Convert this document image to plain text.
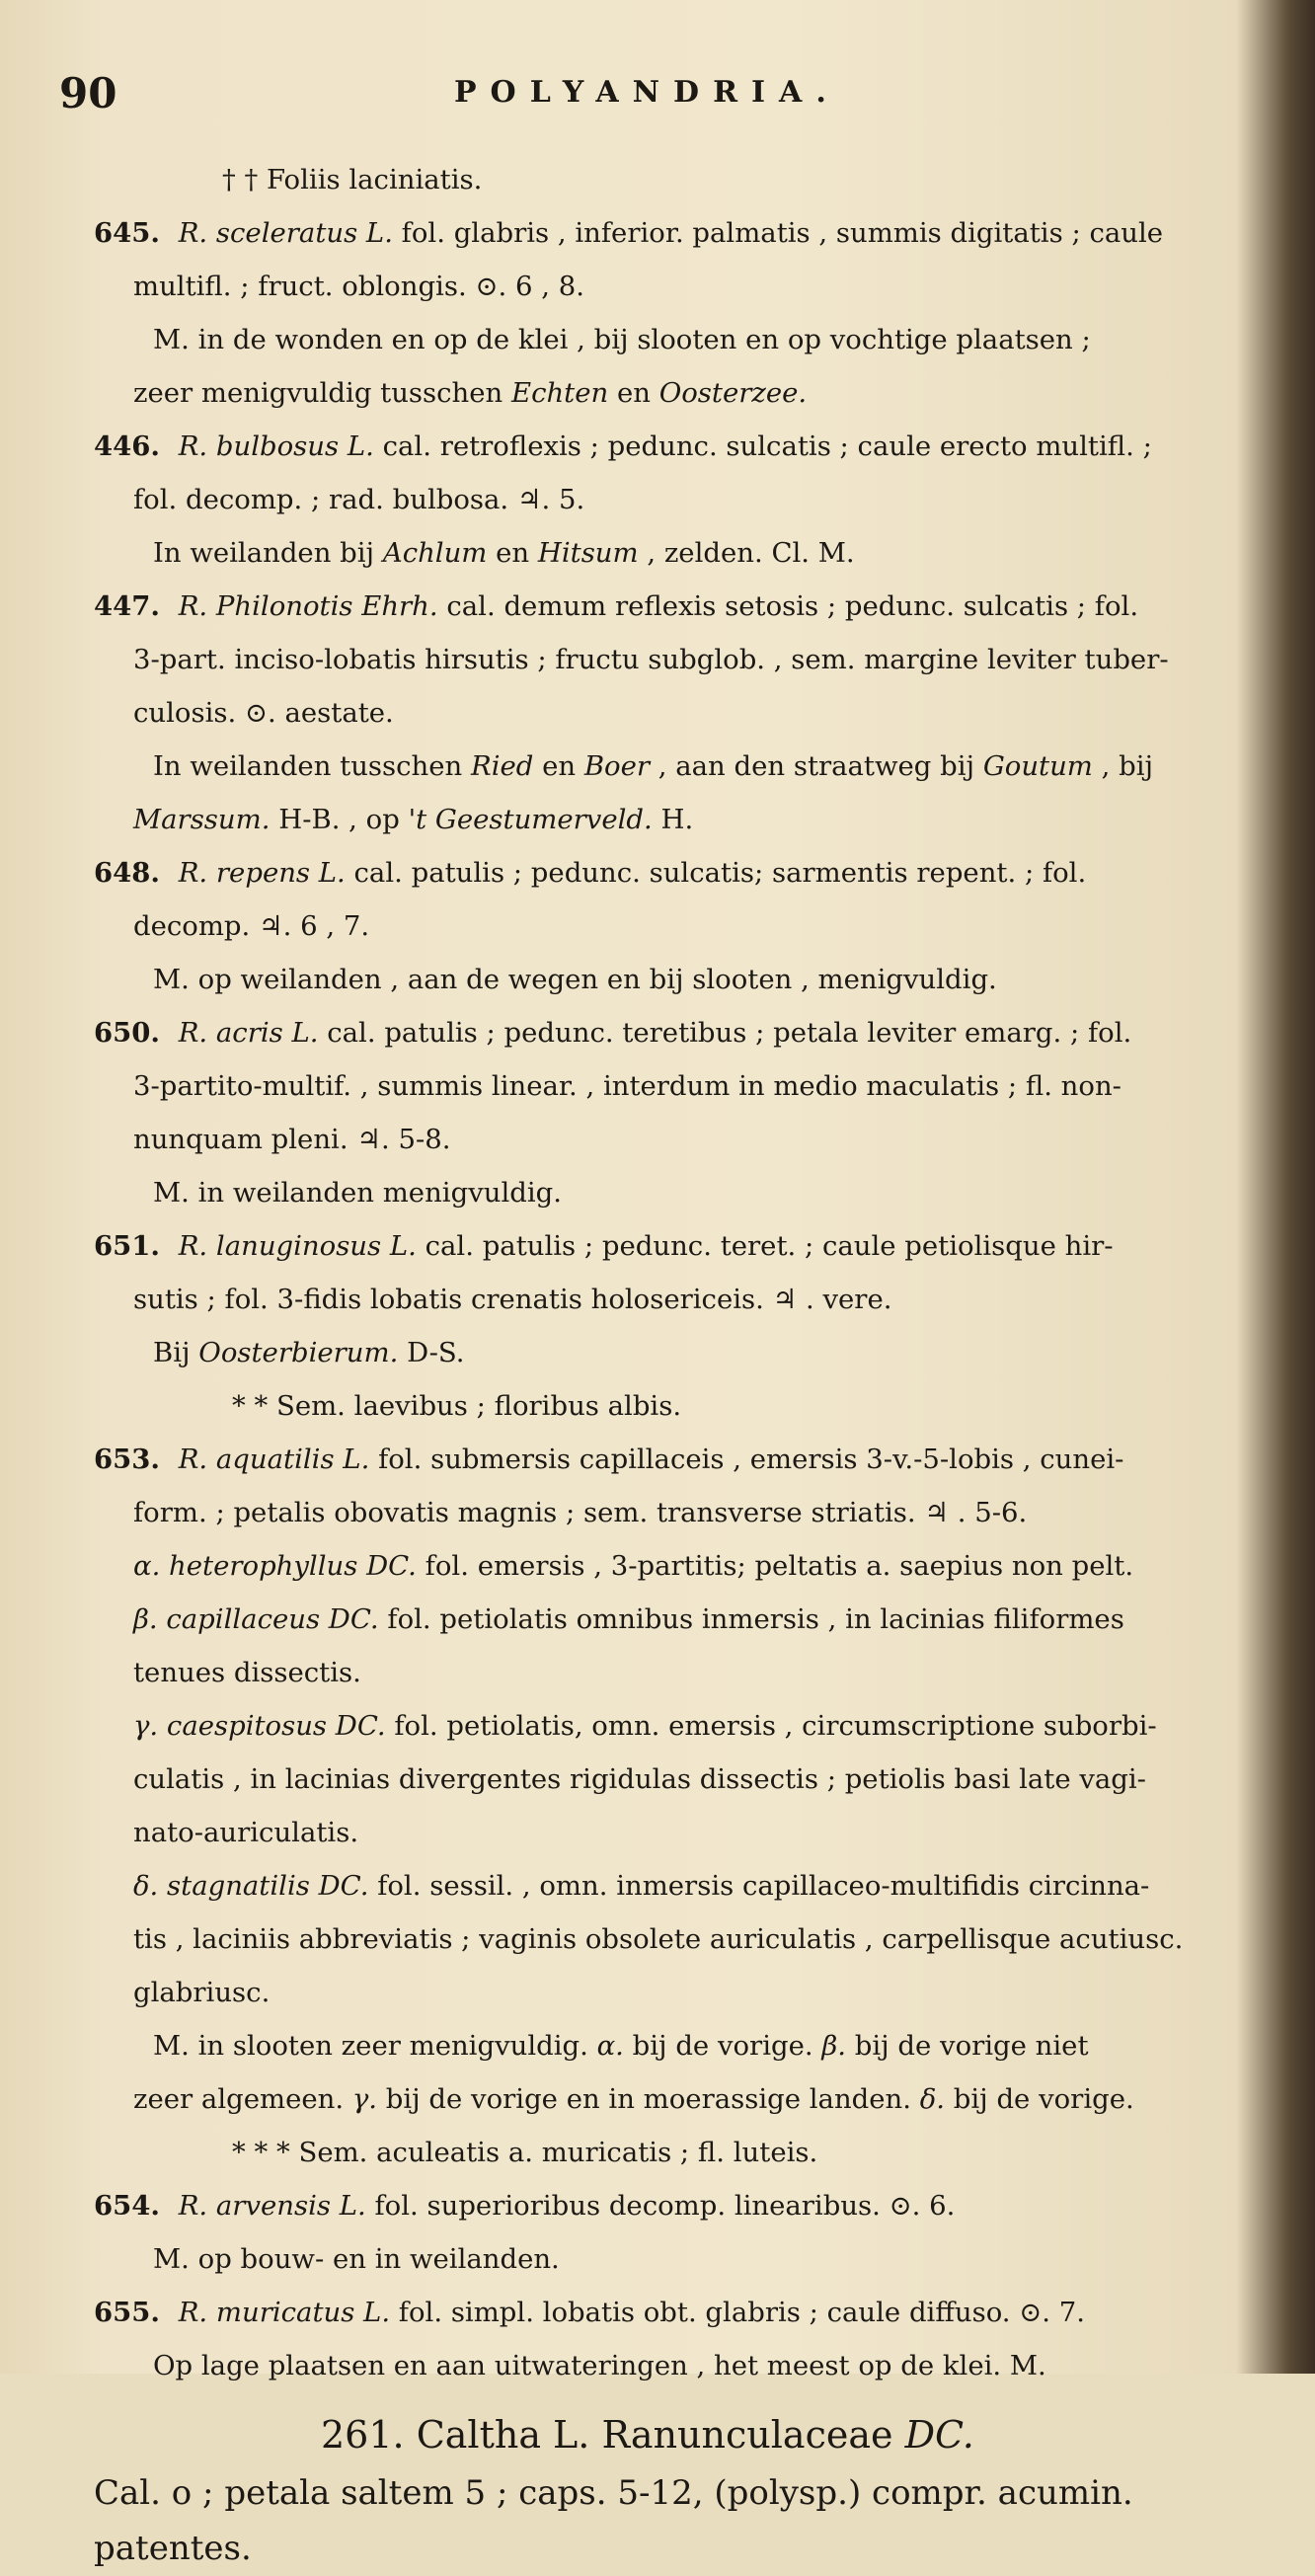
90	POLYANDRIA.
† † Foliis laciniatis.
645. R. sceleratus L. fol. glabris , inferior. palmatis , summis digitatis ; caule
multifl. ; fruct. oblongis. ⊙. 6 , 8.
M. in de wonden en op de klei , bij slooten en op vochtige plaatsen ;
zeer menigvuldig tusschen Echten en Oosterzee.
446. R. bulbosus L. cal. retroflexis ; pedunc. sulcatis ; caule erecto multifl. ;
fol. decomp. ; rad. bulbosa. ♃. 5.
In weilanden bij Achlum en Hitsum , zelden. Cl. M.
447. R. Philonotis Ehrh. cal. demum reflexis setosis ; pedunc. sulcatis ; fol.
3-part. inciso-lobatis hirsutis ; fructu subglob. , sem. margine leviter tuber-
culosis. ⊙. aestate.
In weilanden tusschen Ried en Boer , aan den straatweg bij Goutum , bij
Marssum. H-B. , op 't Geestumerveld. H.
648. R. repens L. cal. patulis ; pedunc. sulcatis; sarmentis repent. ; fol.
decomp. ♃. 6 , 7.
M. op weilanden , aan de wegen en bij slooten , menigvuldig.
650. R. acris L. cal. patulis ; pedunc. teretibus ; petala leviter emarg. ; fol.
3-partito-multif. , summis linear. , interdum in medio maculatis ; fl. non-
nunquam pleni. ♃. 5-8.
M. in weilanden menigvuldig.
651. R. lanuginosus L. cal. patulis ; pedunc. teret. ; caule petiolisque hir-
sutis ; fol. 3-fidis lobatis crenatis holosericeis. ♃ . vere.
Bij Oosterbierum. D-S.
* * Sem. laevibus ; floribus albis.
653. R. aquatilis L. fol. submersis capillaceis , emersis 3-v.-5-lobis , cunei-
form. ; petalis obovatis magnis ; sem. transverse striatis. ♃ . 5-6.
α. heterophyllus DC. fol. emersis , 3-partitis; peltatis a. saepius non pelt.
β. capillaceus DC. fol. petiolatis omnibus inmersis , in lacinias filiformes
tenues dissectis.
γ. caespitosus DC. fol. petiolatis, omn. emersis , circumscriptione suborbi-
culatis , in lacinias divergentes rigidulas dissectis ; petiolis basi late vagi-
nato-auriculatis.
δ. stagnatilis DC. fol. sessil. , omn. inmersis capillaceo-multifidis circinna-
tis , laciniis abbreviatis ; vaginis obsolete auriculatis , carpellisque acutiusc.
glabriusc.
M. in slooten zeer menigvuldig. α. bij de vorige. β. bij de vorige niet
zeer algemeen. γ. bij de vorige en in moerassige landen. δ. bij de vorige.
* * * Sem. aculeatis a. muricatis ; fl. luteis.
654. R. arvensis L. fol. superioribus decomp. linearibus. ⊙. 6.
M. op bouw- en in weilanden.
655. R. muricatus L. fol. simpl. lobatis obt. glabris ; caule diffuso. ⊙. 7.
Op lage plaatsen en aan uitwateringen , het meest op de klei. M.
261. Caltha L. Ranunculaceae DC.
Cal. o ; petala saltem 5 ; caps. 5-12, (polysp.) compr. acumin. patentes.
